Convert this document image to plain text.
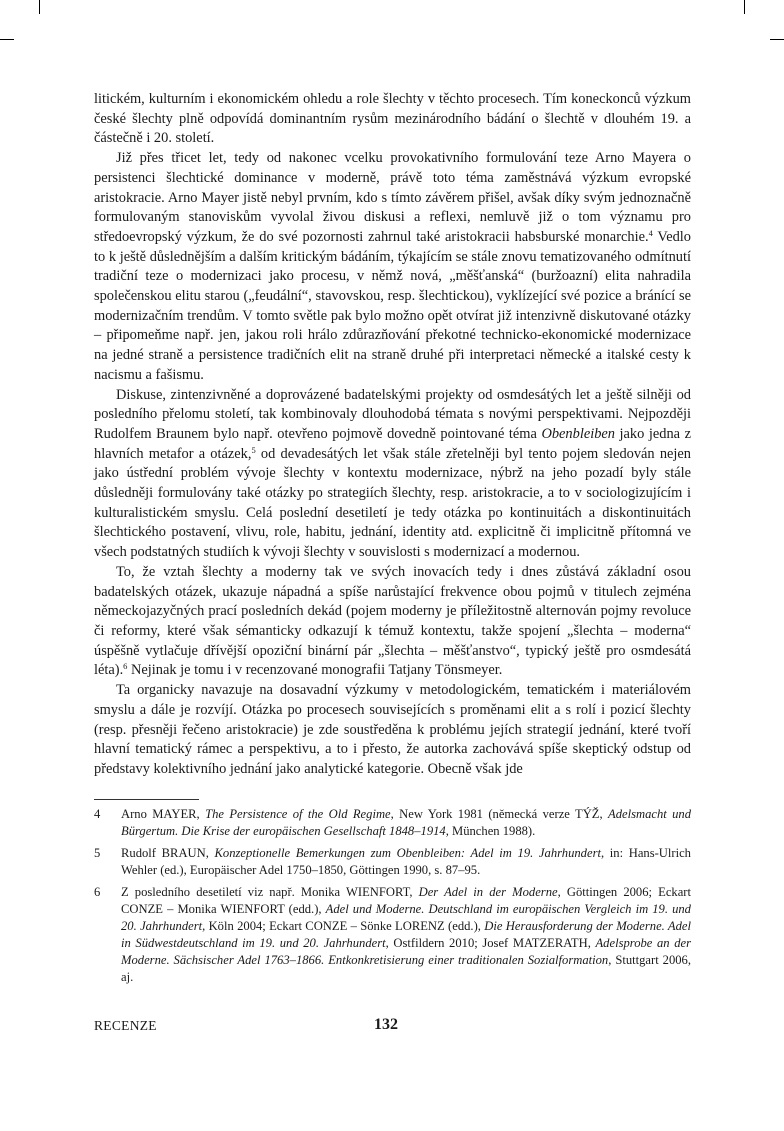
litickém, kulturním i ekonomickém ohledu a role šlechty v těchto procesech. Tím koneckonců výzkum české šlechty plně odpovídá dominantním rysům mezinárodního bádání o šlechtě v dlouhém 19. a částečně i 20. století.

Již přes třicet let, tedy od nakonec vcelku provokativního formulování teze Arno Mayera o persistenci šlechtické dominance v moderně, právě toto téma zaměstnává výzkum evropské aristokracie. Arno Mayer jistě nebyl prvním, kdo s tímto závěrem přišel, avšak díky svým jednoznačně formulovaným stanoviskům vyvolal živou diskusi a reflexi, nemluvě již o tom významu pro středoevropský výzkum, že do své pozornosti zahrnul také aristokracii habsburské monarchie.$^4$ Vedlo to k ještě důslednějším a dalším kritickým bádáním, týkajícím se stále znovu tematizovaného odmítnutí tradiční teze o modernizaci jako procesu, v němž nová, „měšťanská“ (buržoazní) elita nahradila společenskou elitu starou („feudální“, stavovskou, resp. šlechtickou), vyklízející své pozice a bránící se modernizačním trendům. V tomto světle pak bylo možno opět otvírat již intenzivně diskutované otázky – připomeňme např. jen, jakou roli hrálo zdůrazňování překotné technicko-ekonomické modernizace na jedné straně a persistence tradičních elit na straně druhé při interpretaci německé a italské cesty k nacismu a fašismu.

Diskuse, zintenzivněné a doprovázené badatelskými projekty od osmdesátých let a ještě silněji od posledního přelomu století, tak kombinovaly dlouhodobá témata s novými perspektivami. Nejpozději Rudolfem Braunem bylo např. otevřeno pojmově dovedně pointované téma Obenbleiben jako jedna z hlavních metafor a otázek,$^5$ od devadesátých let však stále zřetelněji byl tento pojem sledován nejen jako ústřední problém vývoje šlechty v kontextu modernizace, nýbrž na jeho pozadí byly stále důsledněji formulovány také otázky po strategiích šlechty, resp. aristokracie, a to v sociologizujícím i kulturalistickém smyslu. Celá poslední desetiletí je tedy otázka po kontinuitách a diskontinuitách šlechtického postavení, vlivu, role, habitu, jednání, identity atd. explicitně či implicitně přítomná ve všech podstatných studiích k vývoji šlechty v souvislosti s modernizací a modernou.

To, že vztah šlechty a moderny tak ve svých inovacích tedy i dnes zůstává základní osou badatelských otázek, ukazuje nápadná a spíše narůstající frekvence obou pojmů v titulech zejména německojazyčných prací posledních dekád (pojem moderny je příležitostně alternován pojmy revoluce či reformy, které však sémanticky odkazují k témuž kontextu, takže spojení „šlechta – moderna“ úspěšně vytlačuje dřívější opoziční binární pár „šlechta – měšťanstvo“, typický ještě pro osmdesátá léta).$^6$ Nejinak je tomu i v recenzované monografii Tatjany Tönsmeyer.

Ta organicky navazuje na dosavadní výzkumy v metodologickém, tematickém i materiálovém smyslu a dále je rozvíjí. Otázka po procesech souvisejících s proměnami elit a s rolí i pozicí šlechty (resp. přesněji řečeno aristokracie) je zde soustředěna k problému jejích strategií jednání, které tvoří hlavní tematický rámec a perspektivu, a to i přesto, že autorka zachovává spíše skeptický odstup od představy kolektivního jednání jako analytické kategorie. Obecně však jde

4	Arno MAYER, The Persistence of the Old Regime, New York 1981 (německá verze TÝŽ, Adelsmacht und Bürgertum. Die Krise der europäischen Gesellschaft 1848–1914, München 1988).
5	Rudolf BRAUN, Konzeptionelle Bemerkungen zum Obenbleiben: Adel im 19. Jahrhundert, in: Hans-Ulrich Wehler (ed.), Europäischer Adel 1750–1850, Göttingen 1990, s. 87–95.
6	Z posledního desetiletí viz např. Monika WIENFORT, Der Adel in der Moderne, Göttingen 2006; Eckart CONZE – Monika WIENFORT (edd.), Adel und Moderne. Deutschland im europäischen Vergleich im 19. und 20. Jahrhundert, Köln 2004; Eckart CONZE – Sönke LORENZ (edd.), Die Herausforderung der Moderne. Adel in Südwestdeutschland im 19. und 20. Jahrhundert, Ostfildern 2010; Josef MATZERATH, Adelsprobe an der Moderne. Sächsischer Adel 1763–1866. Entkonkretisierung einer traditionalen Sozialformation, Stuttgart 2006, aj.
RECENZE	132
